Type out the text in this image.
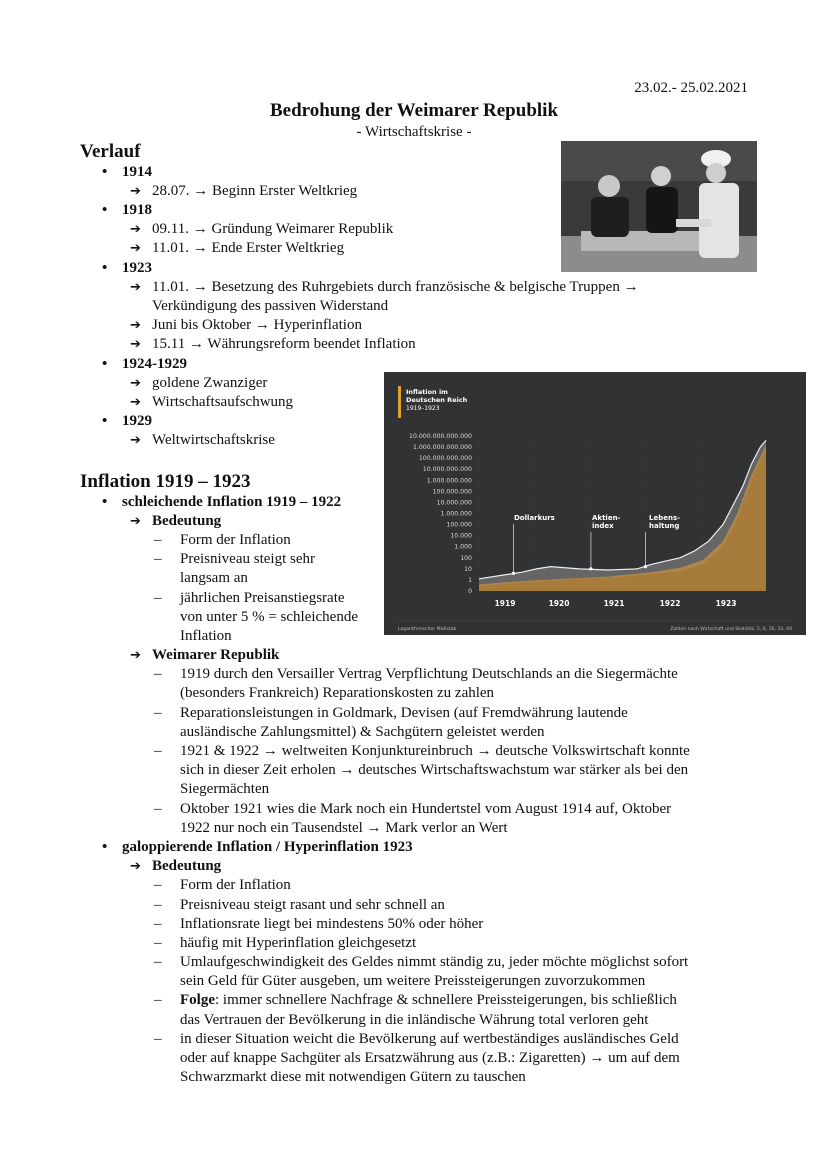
23.02.- 25.02.2021
Bedrohung der Weimarer Republik
- Wirtschaftskrise -
Verlauf
• 1914
➔ 28.07. → Beginn Erster Weltkrieg
• 1918
➔ 09.11. → Gründung Weimarer Republik
➔ 11.01. → Ende Erster Weltkrieg
• 1923
➔ 11.01. → Besetzung des Ruhrgebiets durch französische & belgische Truppen →
Verkündigung des passiven Widerstand
➔ Juni bis Oktober → Hyperinflation
➔ 15.11 → Währungsreform beendet Inflation
• 1924-1929
➔ goldene Zwanziger
➔ Wirtschaftsaufschwung
• 1929
➔ Weltwirtschaftskrise
Inflation im
Deutschen Reich
1919–1923
0
1
10
100
1.000
10.000
100.000
1.000.000
10.000.000
100.000.000
1.000.000.000
10.000.000.000
100.000.000.000
1.000.000.000.000
10.000.000.000.000
Dollarkurs	Aktien-
index
Lebens-
haltung
1919	1920	1921	1922	1923
Logarithmischer Maßstab	Zahlen nach Wirtschaft und Statistik, 5, 6, 16, 33, 44
Inflation 1919 – 1923
• schleichende Inflation 1919 – 1922
➔ Bedeutung
– Form der Inflation
– Preisniveau steigt sehr
langsam an
– jährlichen Preisanstiegsrate
von unter 5 % = schleichende
Inflation
➔ Weimarer Republik
– 1919 durch den Versailler Vertrag Verpflichtung Deutschlands an die Siegermächte
(besonders Frankreich) Reparationskosten zu zahlen
– Reparationsleistungen in Goldmark, Devisen (auf Fremdwährung lautende
ausländische Zahlungsmittel) & Sachgütern geleistet werden
– 1921 & 1922 → weltweiten Konjunktureinbruch → deutsche Volkswirtschaft konnte
sich in dieser Zeit erholen → deutsches Wirtschaftswachstum war stärker als bei den
Siegermächten
– Oktober 1921 wies die Mark noch ein Hundertstel vom August 1914 auf, Oktober
1922 nur noch ein Tausendstel → Mark verlor an Wert
• galoppierende Inflation / Hyperinflation 1923
➔ Bedeutung
– Form der Inflation
– Preisniveau steigt rasant und sehr schnell an
– Inflationsrate liegt bei mindestens 50% oder höher
– häufig mit Hyperinflation gleichgesetzt
– Umlaufgeschwindigkeit des Geldes nimmt ständig zu, jeder möchte möglichst sofort
sein Geld für Güter ausgeben, um weitere Preissteigerungen zuvorzukommen
– Folge: immer schnellere Nachfrage & schnellere Preissteigerungen, bis schließlich
das Vertrauen der Bevölkerung in die inländische Währung total verloren geht
– in dieser Situation weicht die Bevölkerung auf wertbeständiges ausländisches Geld
oder auf knappe Sachgüter als Ersatzwährung aus (z.B.: Zigaretten) → um auf dem
Schwarzmarkt diese mit notwendigen Gütern zu tauschen
